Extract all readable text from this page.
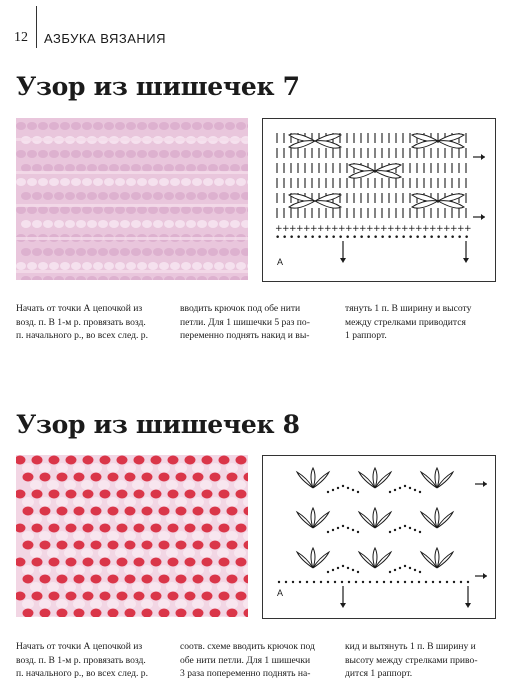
12 АЗБУКА ВЯЗАНИЯ
Узор из шишечек 7
+ + + + + + + + + + + + + + + + + + + + + + + + + + + +
• • • • • • • • • • • • • • • • • • • • • • • • • • • •
A
Начать от точки А цепочкой из
возд. п. В 1-м р. провязать возд.
п. начального р., во всех след. р.
вводить крючок под обе нити
петли. Для 1 шишечки 5 раз по-
переменно поднять накид и вы-
тянуть 1 п. В ширину и высоту
между стрелками приводится
1 раппорт.
Узор из шишечек 8
A
Начать от точки А цепочкой из
возд. п. В 1-м р. провязать возд.
п. начального р., во всех след. р.
соотв. схеме вводить крючок под
обе нити петли. Для 1 шишечки
3 раза попеременно поднять на-
кид и вытянуть 1 п. В ширину и
высоту между стрелками приво-
дится 1 раппорт.
